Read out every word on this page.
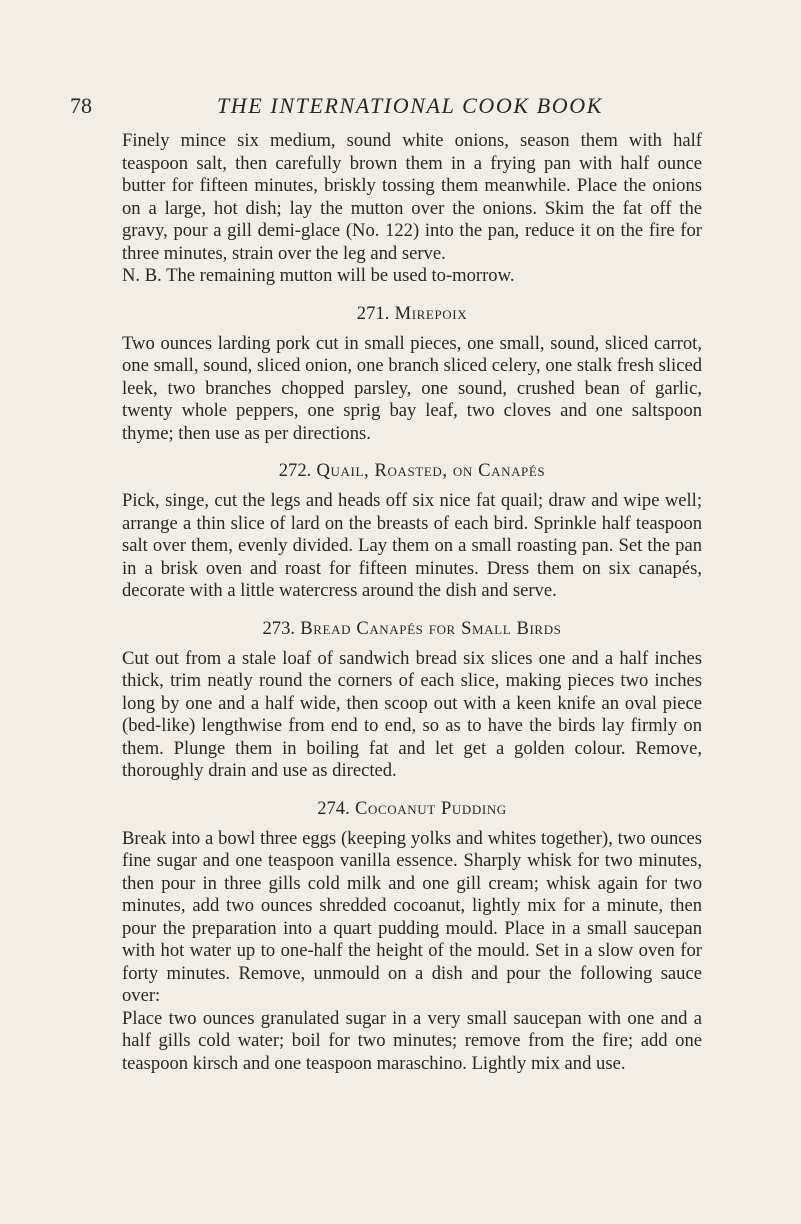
78	THE INTERNATIONAL COOK BOOK

Finely mince six medium, sound white onions, season them with half teaspoon salt, then carefully brown them in a frying pan with half ounce butter for fifteen minutes, briskly tossing them meanwhile. Place the onions on a large, hot dish; lay the mutton over the onions. Skim the fat off the gravy, pour a gill demi-glace (No. 122) into the pan, reduce it on the fire for three minutes, strain over the leg and serve.

N. B. The remaining mutton will be used to-morrow.

271. Mirepoix

Two ounces larding pork cut in small pieces, one small, sound, sliced carrot, one small, sound, sliced onion, one branch sliced celery, one stalk fresh sliced leek, two branches chopped parsley, one sound, crushed bean of garlic, twenty whole peppers, one sprig bay leaf, two cloves and one saltspoon thyme; then use as per directions.

272. Quail, Roasted, on Canapés

Pick, singe, cut the legs and heads off six nice fat quail; draw and wipe well; arrange a thin slice of lard on the breasts of each bird. Sprinkle half teaspoon salt over them, evenly divided. Lay them on a small roasting pan. Set the pan in a brisk oven and roast for fifteen minutes. Dress them on six canapés, decorate with a little watercress around the dish and serve.

273. Bread Canapés for Small Birds

Cut out from a stale loaf of sandwich bread six slices one and a half inches thick, trim neatly round the corners of each slice, making pieces two inches long by one and a half wide, then scoop out with a keen knife an oval piece (bed-like) lengthwise from end to end, so as to have the birds lay firmly on them. Plunge them in boiling fat and let get a golden colour. Remove, thoroughly drain and use as directed.

274. Cocoanut Pudding

Break into a bowl three eggs (keeping yolks and whites together), two ounces fine sugar and one teaspoon vanilla essence. Sharply whisk for two minutes, then pour in three gills cold milk and one gill cream; whisk again for two minutes, add two ounces shredded cocoanut, lightly mix for a minute, then pour the preparation into a quart pudding mould. Place in a small saucepan with hot water up to one-half the height of the mould. Set in a slow oven for forty minutes. Remove, unmould on a dish and pour the following sauce over:

Place two ounces granulated sugar in a very small saucepan with one and a half gills cold water; boil for two minutes; remove from the fire; add one teaspoon kirsch and one teaspoon maraschino. Lightly mix and use.
